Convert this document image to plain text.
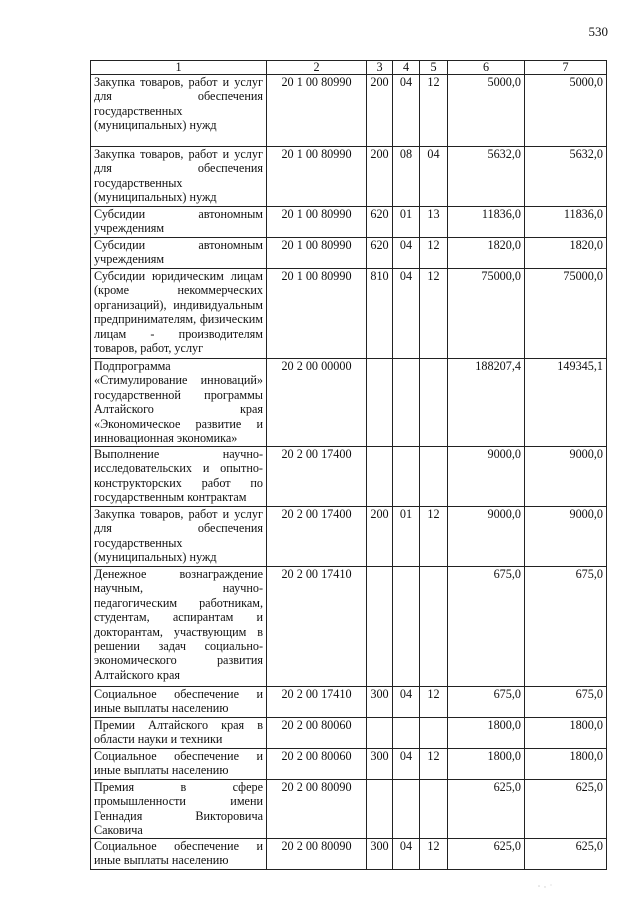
530
1	2	3	4	5	6	7
Закупка товаров, работ и услуг для обеспечения государственных (муниципальных) нужд	20 1 00 80990	200	04	12	5000,0	5000,0
Закупка товаров, работ и услуг для обеспечения государственных (муниципальных) нужд	20 1 00 80990	200	08	04	5632,0	5632,0
Субсидии автономным учреждениям	20 1 00 80990	620	01	13	11836,0	11836,0
Субсидии автономным учреждениям	20 1 00 80990	620	04	12	1820,0	1820,0
Субсидии юридическим лицам (кроме некоммерческих организаций), индивидуальным предпринимателям, физическим лицам - производителям товаров, работ, услуг	20 1 00 80990	810	04	12	75000,0	75000,0
Подпрограмма «Стимулирование инноваций» государственной программы Алтайского края «Экономическое развитие и инновационная экономика»	20 2 00 00000				188207,4	149345,1
Выполнение научно-исследовательских и опытно-конструкторских работ по государственным контрактам	20 2 00 17400				9000,0	9000,0
Закупка товаров, работ и услуг для обеспечения государственных (муниципальных) нужд	20 2 00 17400	200	01	12	9000,0	9000,0
Денежное вознаграждение научным, научно-педагогическим работникам, студентам, аспирантам и докторантам, участвующим в решении задач социально-экономического развития Алтайского края	20 2 00 17410				675,0	675,0
Социальное обеспечение и иные выплаты населению	20 2 00 17410	300	04	12	675,0	675,0
Премии Алтайского края в области науки и техники	20 2 00 80060				1800,0	1800,0
Социальное обеспечение и иные выплаты населению	20 2 00 80060	300	04	12	1800,0	1800,0
Премия в сфере промышленности имени Геннадия Викторовича Саковича	20 2 00 80090				625,0	625,0
Социальное обеспечение и иные выплаты населению	20 2 00 80090	300	04	12	625,0	625,0
